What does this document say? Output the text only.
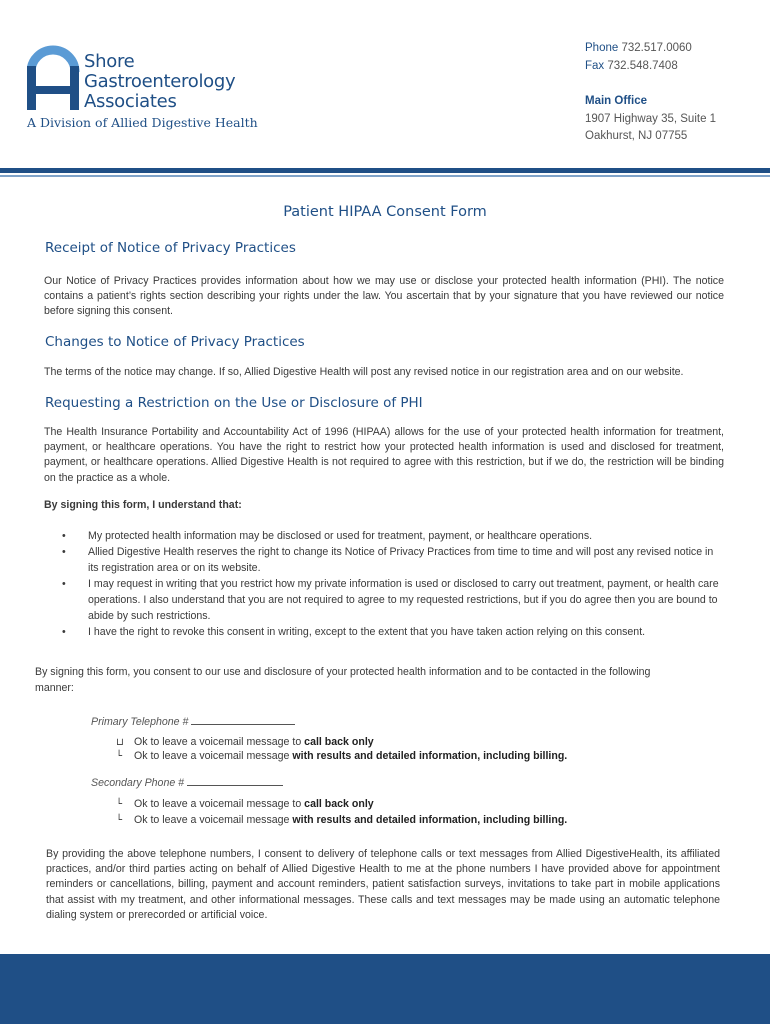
Shore
Gastroenterology
Associates
A Division of Allied Digestive Health
Phone 732.517.0060
Fax 732.548.7408
Main Office
1907 Highway 35, Suite 1
Oakhurst, NJ 07755
Patient HIPAA Consent Form
Receipt of Notice of Privacy Practices
Our Notice of Privacy Practices provides information about how we may use or disclose your protected health information (PHI). The notice contains a patient’s rights section describing your rights under the law. You ascertain that by your signature that you have reviewed our notice before signing this consent.
Changes to Notice of Privacy Practices
The terms of the notice may change. If so, Allied Digestive Health will post any revised notice in our registration area and on our website.
Requesting a Restriction on the Use or Disclosure of PHI
The Health Insurance Portability and Accountability Act of 1996 (HIPAA) allows for the use of your protected health information for treatment, payment, or healthcare operations. You have the right to restrict how your protected health information is used and disclosed for treatment, payment, or healthcare operations. Allied Digestive Health is not required to agree with this restriction, but if we do, the restriction will be binding on the practice as a whole.
By signing this form, I understand that:
• My protected health information may be disclosed or used for treatment, payment, or healthcare operations.
• Allied Digestive Health reserves the right to change its Notice of Privacy Practices from time to time and will post any revised notice in its registration area or on its website.
• I may request in writing that you restrict how my private information is used or disclosed to carry out treatment, payment, or health care operations. I also understand that you are not required to agree to my requested restrictions, but if you do agree then you are bound to abide by such restrictions.
• I have the right to revoke this consent in writing, except to the extent that you have taken action relying on this consent.
By signing this form, you consent to our use and disclosure of your protected health information and to be contacted in the following manner:
Primary Telephone #
⊔ Ok to leave a voicemail message to call back only
└ Ok to leave a voicemail message with results and detailed information, including billing.
Secondary Phone #
└ Ok to leave a voicemail message to call back only
└ Ok to leave a voicemail message with results and detailed information, including billing.
By providing the above telephone numbers, I consent to delivery of telephone calls or text messages from Allied DigestiveHealth, its affiliated practices, and/or third parties acting on behalf of Allied Digestive Health to me at the phone numbers I have provided above for appointment reminders or cancellations, billing, payment and account reminders, patient satisfaction surveys, invitations to take part in mobile applications that assist with my treatment, and other informational messages. These calls and text messages may be made using an automatic telephone dialing system or prerecorded or artificial voice.
